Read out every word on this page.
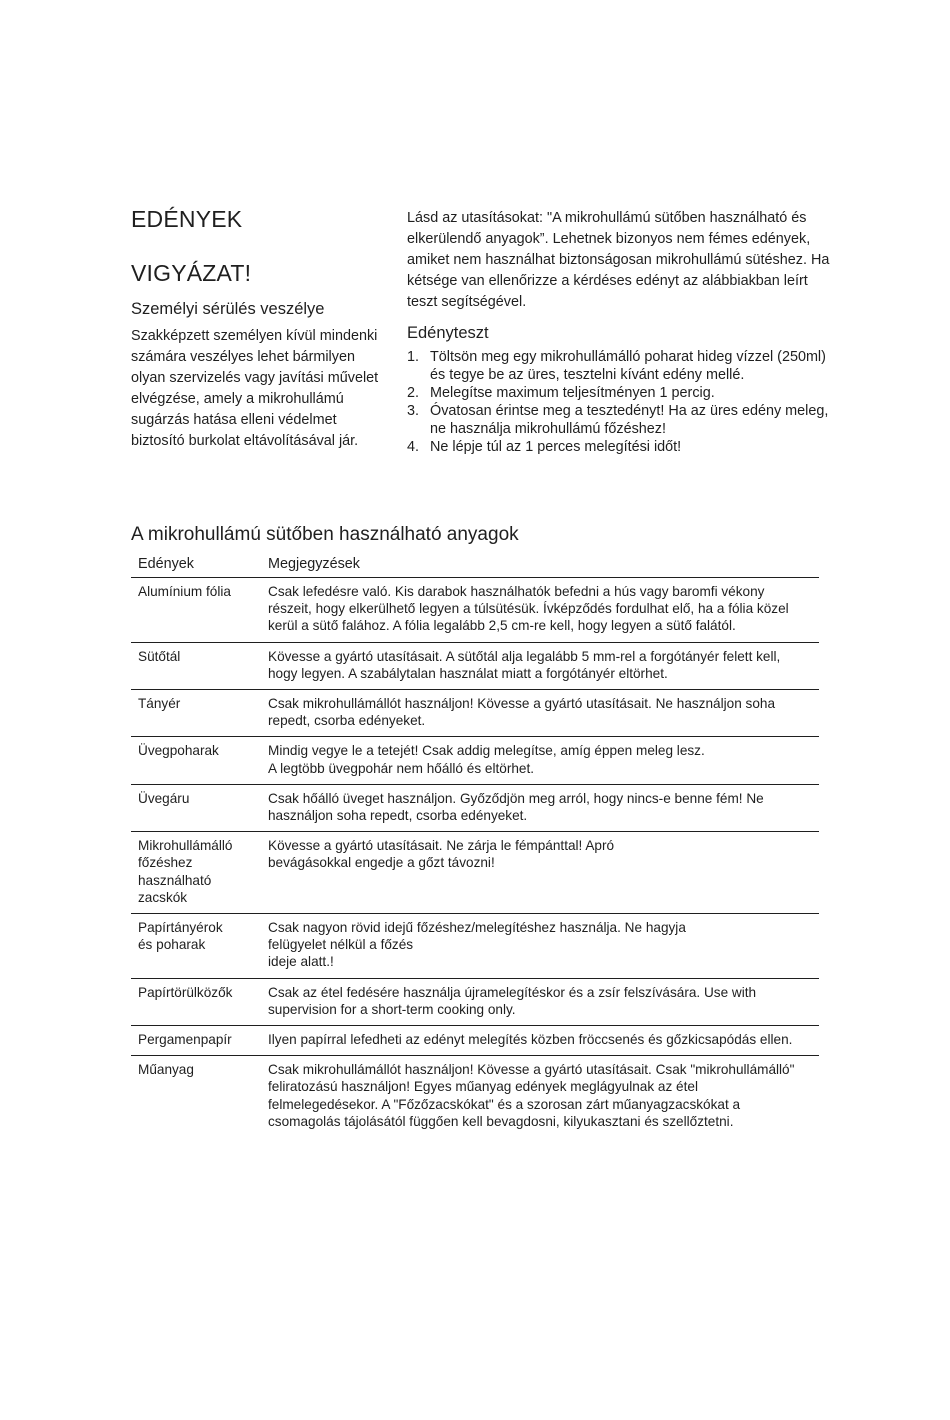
EDÉNYEK
VIGYÁZAT!
Személyi sérülés veszélye

Szakképzett személyen kívül mindenki számára veszélyes lehet bármilyen olyan szervizelés vagy javítási művelet elvégzése, amely a mikrohullámú sugárzás hatása elleni védelmet biztosító burkolat eltávolításával jár.

Lásd az utasításokat: "A mikrohullámú sütőben használható és elkerülendő anyagok”. Lehetnek bizonyos nem fémes edények, amiket nem használhat biztonságosan mikrohullámú sütéshez. Ha kétsége van ellenőrizze a kérdéses edényt az alábbiakban leírt teszt segítségével.

Edényteszt
1. Töltsön meg egy mikrohullámálló poharat hideg vízzel (250ml) és tegye be az üres, tesztelni kívánt edény mellé.
2. Melegítse maximum teljesítményen 1 percig.
3. Óvatosan érintse meg a tesztedényt! Ha az üres edény meleg, ne használja mikrohullámú főzéshez!
4. Ne lépje túl az 1 perces melegítési időt!
A mikrohullámú sütőben használható anyagok
Edények	Megjegyzések
Alumínium fólia	Csak lefedésre való. Kis darabok használhatók befedni a hús vagy baromfi vékony részeit, hogy elkerülhető legyen a túlsütésük. Ívképződés fordulhat elő, ha a fólia közel kerül a sütő falához. A fólia legalább 2,5 cm-re kell, hogy legyen a sütő falától.
Sütőtál	Kövesse a gyártó utasításait. A sütőtál alja legalább 5 mm-rel a forgótányér felett kell, hogy legyen. A szabálytalan használat miatt a forgótányér eltörhet.
Tányér	Csak mikrohullámállót használjon! Kövesse a gyártó utasításait. Ne használjon soha repedt, csorba edényeket.
Üvegpoharak	Mindig vegye le a tetejét! Csak addig melegítse, amíg éppen meleg lesz.
A legtöbb üvegpohár nem hőálló és eltörhet.
Üvegáru	Csak hőálló üveget használjon. Győződjön meg arról, hogy nincs-e benne fém! Ne használjon soha repedt, csorba edényeket.
Mikrohullámálló
főzéshez
használható
zacskók	Kövesse a gyártó utasításait. Ne zárja le fémpánttal! Apró
bevágásokkal engedje a gőzt távozni!
Papírtányérok
és poharak	Csak nagyon rövid idejű főzéshez/melegítéshez használja. Ne hagyja
felügyelet nélkül a főzés
ideje alatt.!
Papírtörülközők	Csak az étel fedésére használja újramelegítéskor és a zsír felszívására. Use with supervision for a short-term cooking only.
Pergamenpapír	Ilyen papírral lefedheti az edényt melegítés közben fröccsenés és gőzkicsapódás ellen.
Műanyag	Csak mikrohullámállót használjon! Kövesse a gyártó utasításait. Csak "mikrohullámálló" feliratozású használjon! Egyes műanyag edények meglágyulnak az étel felmelegedésekor. A "Főzőzacskókat" és a szorosan zárt műanyagzacskókat a csomagolás tájolásától függően kell bevagdosni, kilyukasztani és szellőztetni.
